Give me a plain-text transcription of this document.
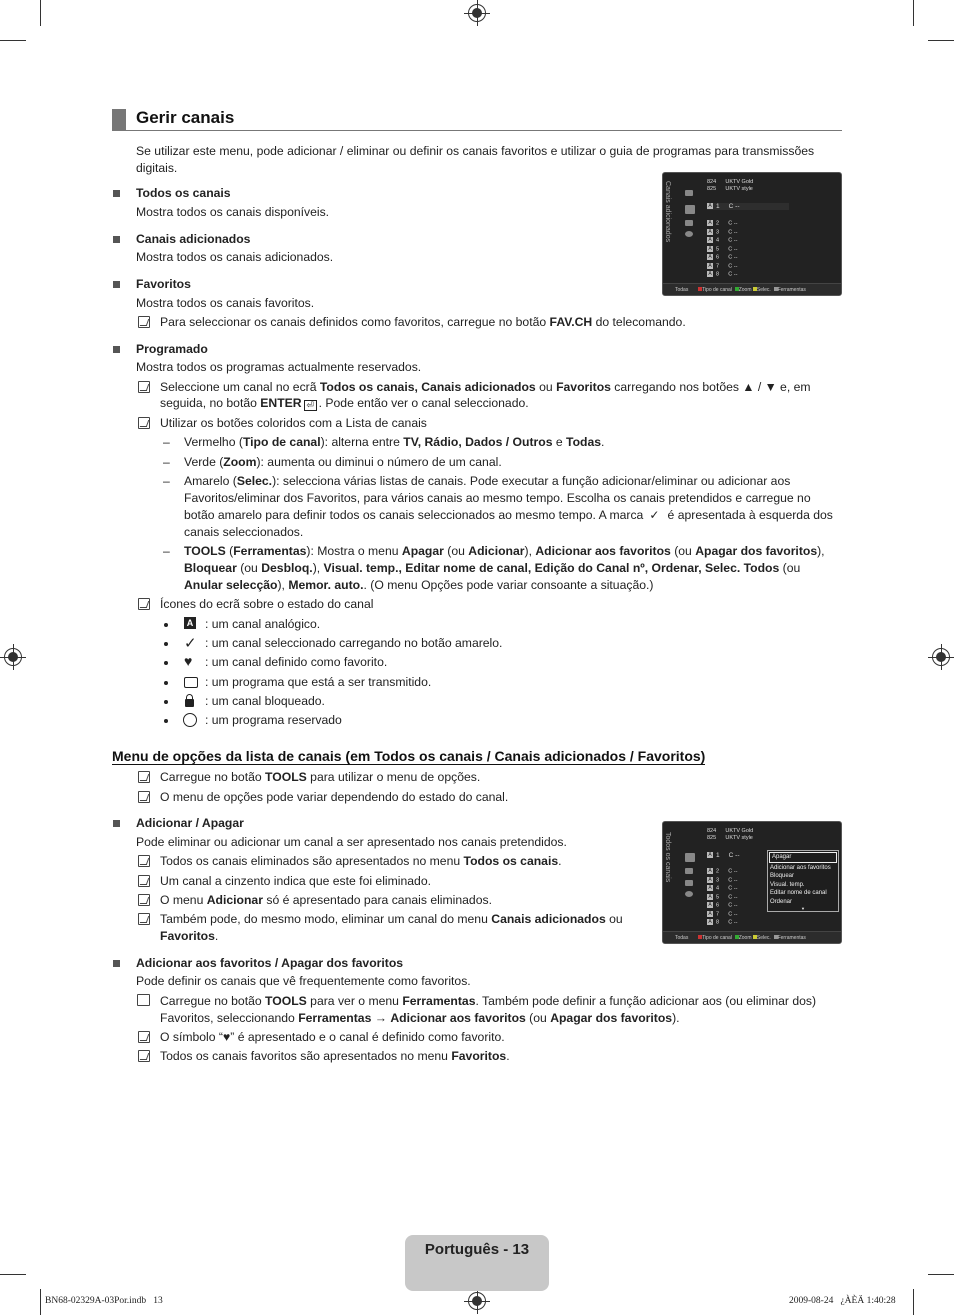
Gerir canais

Se utilizar este menu, pode adicionar / eliminar ou definir os canais favoritos e utilizar o guia de programas para transmissões

digitais.

Todos os canais

Mostra todos os canais disponíveis.

Canais adicionados

Mostra todos os canais adicionados.

Favoritos

Mostra todos os canais favoritos.

Para seleccionar os canais definidos como favoritos, carregue no botão FAV.CH do telecomando.

Programado

Mostra todos os programas actualmente reservados.

Seleccione um canal no ecrã Todos os canais, Canais adicionados ou Favoritos carregando nos botões ▲ / ▼ e, em

seguida, no botão ENTER ⏎ . Pode então ver o canal seleccionado.

Utilizar os botões coloridos com a Lista de canais

– Vermelho (Tipo de canal): alterna entre TV, Rádio, Dados / Outros e Todas.

– Verde (Zoom): aumenta ou diminui o número de um canal.

– Amarelo (Selec.): selecciona várias listas de canais. Pode executar a função adicionar/eliminar ou adicionar aos

Favoritos/eliminar dos Favoritos, para vários canais ao mesmo tempo. Escolha os canais pretendidos e carregue no

botão amarelo para definir todos os canais seleccionados ao mesmo tempo. A marca ✓ é apresentada à esquerda dos

canais seleccionados.

– TOOLS (Ferramentas): Mostra o menu Apagar (ou Adicionar), Adicionar aos favoritos (ou Apagar dos favoritos),

Bloquear (ou Desbloq.), Visual. temp., Editar nome de canal, Edição do Canal nº, Ordenar, Selec. Todos (ou

Anular selecção), Memor. auto.. (O menu Opções pode variar consoante a situação.)

Ícones do ecrã sobre o estado do canal

A : um canal analógico.

✓ : um canal seleccionado carregando no botão amarelo.

♥ : um canal definido como favorito.

: um programa que está a ser transmitido.

: um canal bloqueado.

: um programa reservado

Canais adicionados	824 UKTV Gold
825 UKTV style
A 1 C --
A 2 C --
A 3 C --
A 4 C --
A 5 C --
A 6 C --
A 7 C --
A 8 C --
Todas	Tipo de canal Zoom Selec. Ferramentas
Menu de opções da lista de canais (em Todos os canais / Canais adicionados / Favoritos)

Carregue no botão TOOLS para utilizar o menu de opções.

O menu de opções pode variar dependendo do estado do canal.

Adicionar / Apagar

Pode eliminar ou adicionar um canal a ser apresentado nos canais pretendidos.

Todos os canais eliminados são apresentados no menu Todos os canais.

Um canal a cinzento indica que este foi eliminado.

O menu Adicionar só é apresentado para canais eliminados.

Também pode, do mesmo modo, eliminar um canal do menu Canais adicionados ou

Favoritos.

Todos os canais
824 UKTV Gold
825 UKTV style
A 1 C --
A 2 C --
A 3 C --
A 4 C --
A 5 C --
A 6 C --
A 7 C --
A 8 C --
Apagar
Adicionar aos favoritos
Bloquear
Visual. temp.
Editar nome de canal
Ordenar
▼
Todas	Tipo de canal Zoom Selec. Ferramentas

Adicionar aos favoritos / Apagar dos favoritos

Pode definir os canais que vê frequentemente como favoritos.

Carregue no botão TOOLS para ver o menu Ferramentas. Também pode definir a função adicionar aos (ou eliminar dos)

Favoritos, seleccionando Ferramentas → Adicionar aos favoritos (ou Apagar dos favoritos).

O símbolo “♥” é apresentado e o canal é definido como favorito.

Todos os canais favoritos são apresentados no menu Favoritos.

Português - 13
BN68-02329A-03Por.indb   13	2009-08-24   ¿ÀÈÄ 1:40:28
